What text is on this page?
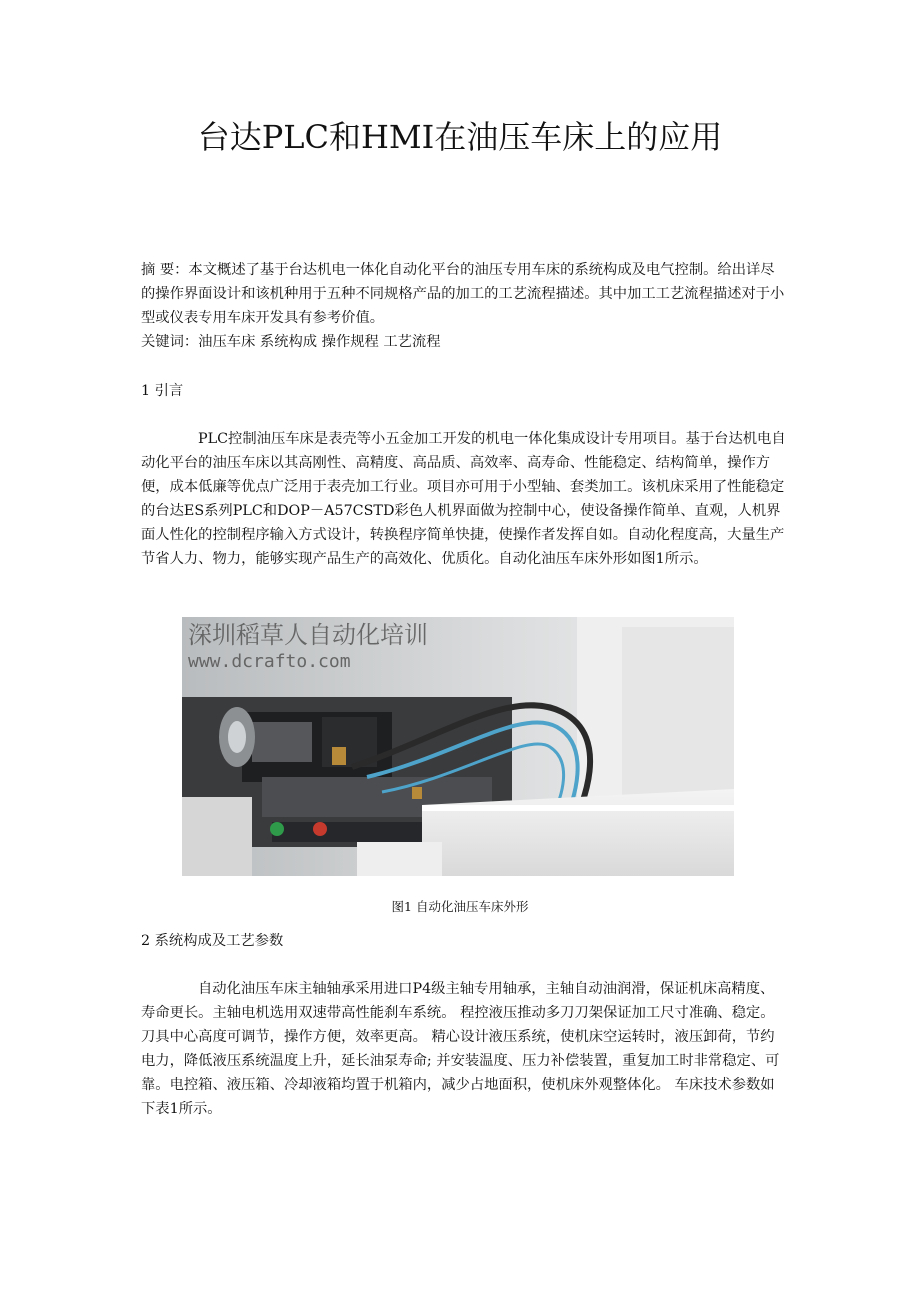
台达PLC和HMI在油压车床上的应用

摘 要：本文概述了基于台达机电一体化自动化平台的油压专用车床的系统构成及电气控制。给出详尽的操作界面设计和该机种用于五种不同规格产品的加工的工艺流程描述。其中加工工艺流程描述对于小型或仪表专用车床开发具有参考价值。

关键词：油压车床 系统构成 操作规程 工艺流程

1 引言

PLC控制油压车床是表壳等小五金加工开发的机电一体化集成设计专用项目。基于台达机电自动化平台的油压车床以其高刚性、高精度、高品质、高效率、高寿命、性能稳定、结构简单，操作方便，成本低廉等优点广泛用于表壳加工行业。项目亦可用于小型轴、套类加工。该机床采用了性能稳定的台达ES系列PLC和DOP－A57CSTD彩色人机界面做为控制中心，使设备操作简单、直观，人机界面人性化的控制程序输入方式设计，转换程序简单快捷，使操作者发挥自如。自动化程度高，大量生产节省人力、物力，能够实现产品生产的高效化、优质化。自动化油压车床外形如图1所示。

深圳稻草人自动化培训
www.dcrafto.com

图1 自动化油压车床外形

2 系统构成及工艺参数

自动化油压车床主轴轴承采用进口P4级主轴专用轴承，主轴自动油润滑，保证机床高精度、寿命更长。主轴电机选用双速带高性能刹车系统。 程控液压推动多刀刀架保证加工尺寸准确、稳定。 刀具中心高度可调节，操作方便，效率更高。 精心设计液压系统，使机床空运转时，液压卸荷，节约电力，降低液压系统温度上升，延长油泵寿命; 并安装温度、压力补偿装置，重复加工时非常稳定、可靠。电控箱、液压箱、冷却液箱均置于机箱内，减少占地面积，使机床外观整体化。 车床技术参数如下表1所示。
